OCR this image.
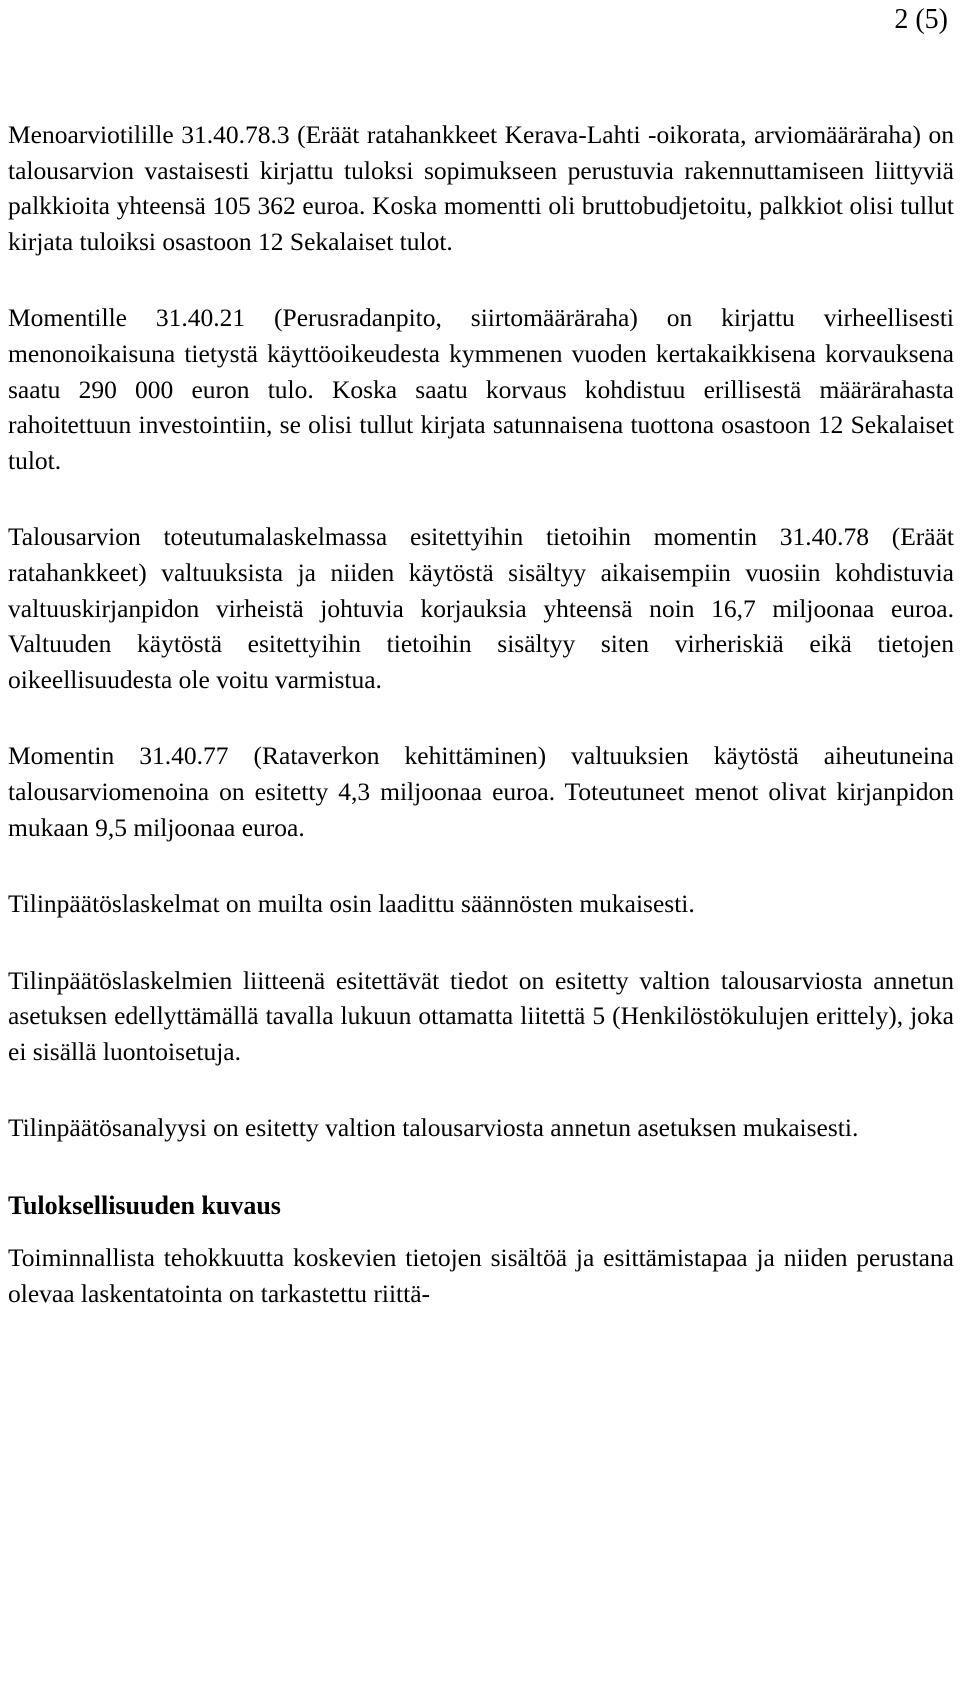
2 (5)

Menoarviotilille 31.40.78.3 (Eräät ratahankkeet Kerava-Lahti -oikorata, arviomääräraha) on talousarvion vastaisesti kirjattu tuloksi sopimukseen perustuvia rakennuttamiseen liittyviä palkkioita yhteensä 105 362 euroa. Koska momentti oli bruttobudjetoitu, palkkiot olisi tullut kirjata tuloiksi osastoon 12 Sekalaiset tulot.

Momentille 31.40.21 (Perusradanpito, siirtomääräraha) on kirjattu virheellisesti menonoikaisuna tietystä käyttöoikeudesta kymmenen vuoden kertakaikkisena korvauksena saatu 290 000 euron tulo. Koska saatu korvaus kohdistuu erillisestä määrärahasta rahoitettuun investointiin, se olisi tullut kirjata satunnaisena tuottona osastoon 12 Sekalaiset tulot.

Talousarvion toteutumalaskelmassa esitettyihin tietoihin momentin 31.40.78 (Eräät ratahankkeet) valtuuksista ja niiden käytöstä sisältyy aikaisempiin vuosiin kohdistuvia valtuuskirjanpidon virheistä johtuvia korjauksia yhteensä noin 16,7 miljoonaa euroa. Valtuuden käytöstä esitettyihin tietoihin sisältyy siten virheriskiä eikä tietojen oikeellisuudesta ole voitu varmistua.

Momentin 31.40.77 (Rataverkon kehittäminen) valtuuksien käytöstä aiheutuneina talousarviomenoina on esitetty 4,3 miljoonaa euroa. Toteutuneet menot olivat kirjanpidon mukaan 9,5 miljoonaa euroa.

Tilinpäätöslaskelmat on muilta osin laadittu säännösten mukaisesti.

Tilinpäätöslaskelmien liitteenä esitettävät tiedot on esitetty valtion talousarviosta annetun asetuksen edellyttämällä tavalla lukuun ottamatta liitettä 5 (Henkilöstökulujen erittely), joka ei sisällä luontoisetuja.

Tilinpäätösanalyysi on esitetty valtion talousarviosta annetun asetuksen mukaisesti.

Tuloksellisuuden kuvaus

Toiminnallista tehokkuutta koskevien tietojen sisältöä ja esittämistapaa ja niiden perustana olevaa laskentatointa on tarkastettu riittä-
